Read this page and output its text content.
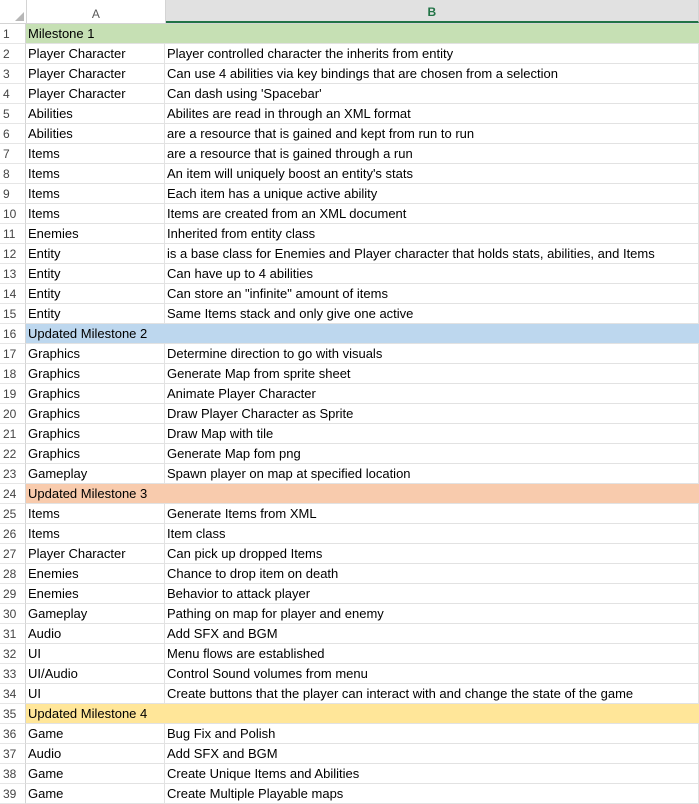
A	B
1	Milestone 1
2	Player Character	Player controlled character the inherits from entity
3	Player Character	Can use 4 abilities via key bindings that are chosen from a selection
4	Player Character	Can dash using 'Spacebar'
5	Abilities	Abilites are read in through an XML format
6	Abilities	are a resource that is gained and kept from run to run
7	Items	are a resource that is gained through a run
8	Items	An item will uniquely boost an entity's stats
9	Items	Each item has a unique active ability
10 Items	Items are created from an XML document
11 Enemies	Inherited from entity class
12 Entity	is a base class for Enemies and Player character that holds stats, abilities, and Items
13 Entity	Can have up to 4 abilities
14 Entity	Can store an "infinite" amount of items
15 Entity	Same Items stack and only give one active
16 Updated Milestone 2
17 Graphics	Determine direction to go with visuals
18 Graphics	Generate Map from sprite sheet
19 Graphics	Animate Player Character
20 Graphics	Draw Player Character as Sprite
21 Graphics	Draw Map with tile
22 Graphics	Generate Map fom png
23 Gameplay	Spawn player on map at specified location
24 Updated Milestone 3
25 Items	Generate Items from XML
26 Items	Item class
27 Player Character	Can pick up dropped Items
28 Enemies	Chance to drop item on death
29 Enemies	Behavior to attack player
30 Gameplay	Pathing on map for player and enemy
31 Audio	Add SFX and BGM
32 UI	Menu flows are established
33 UI/Audio	Control Sound volumes from menu
34 UI	Create buttons that the player can interact with and change the state of the game
35 Updated Milestone 4
36 Game	Bug Fix and Polish
37 Audio	Add SFX and BGM
38 Game	Create Unique Items and Abilities
39 Game	Create Multiple Playable maps
